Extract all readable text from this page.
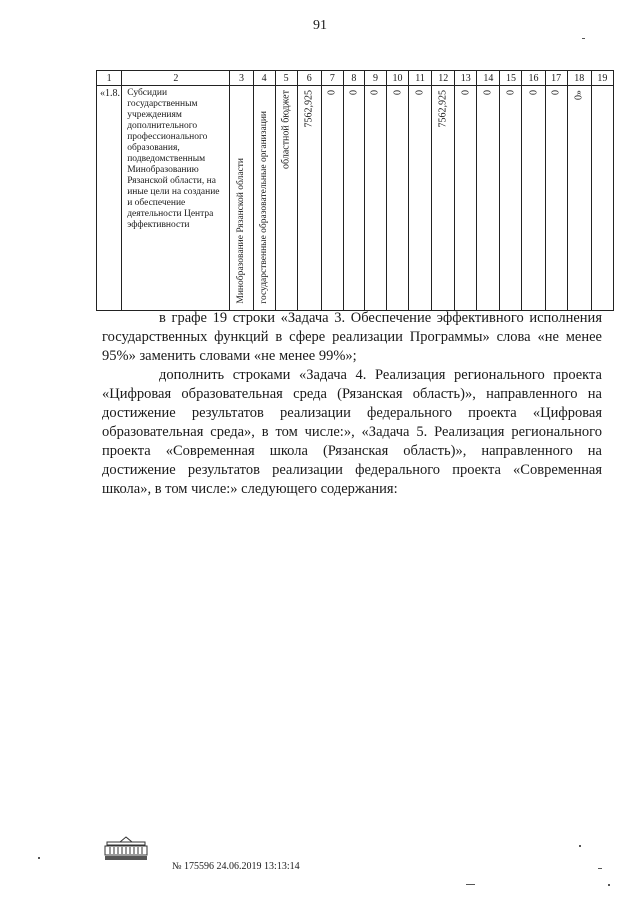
91
1	2	3	4	5	6	7	8	9	10	11	12	13	14	15	16	17	18	19
«1.8.	Субсидии государственным учреждениям дополнительного профессионального образования, подведомственным Минобразованию Рязанской области, на иные цели на создание и обеспечение деятельности Центра эффективности	Минобразование Рязанской области	государственные образовательные организации	областной бюджет	7562,925	0	0	0	0	0	7562,925	0	0	0	0	0	0»	

в графе 19 строки «Задача 3. Обеспечение эффективного исполнения государственных функций в сфере реализации Программы» слова «не менее 95%» заменить словами «не менее 99%»;

дополнить строками «Задача 4. Реализация регионального проекта «Цифровая образовательная среда (Рязанская область)», направленного на достижение результатов реализации федерального проекта «Цифровая образовательная среда», в том числе:», «Задача 5. Реализация регионального проекта «Современная школа (Рязанская область)», направленного на достижение результатов реализации федерального проекта «Современная школа», в том числе:» следующего содержания:

№ 175596 24.06.2019 13:13:14
